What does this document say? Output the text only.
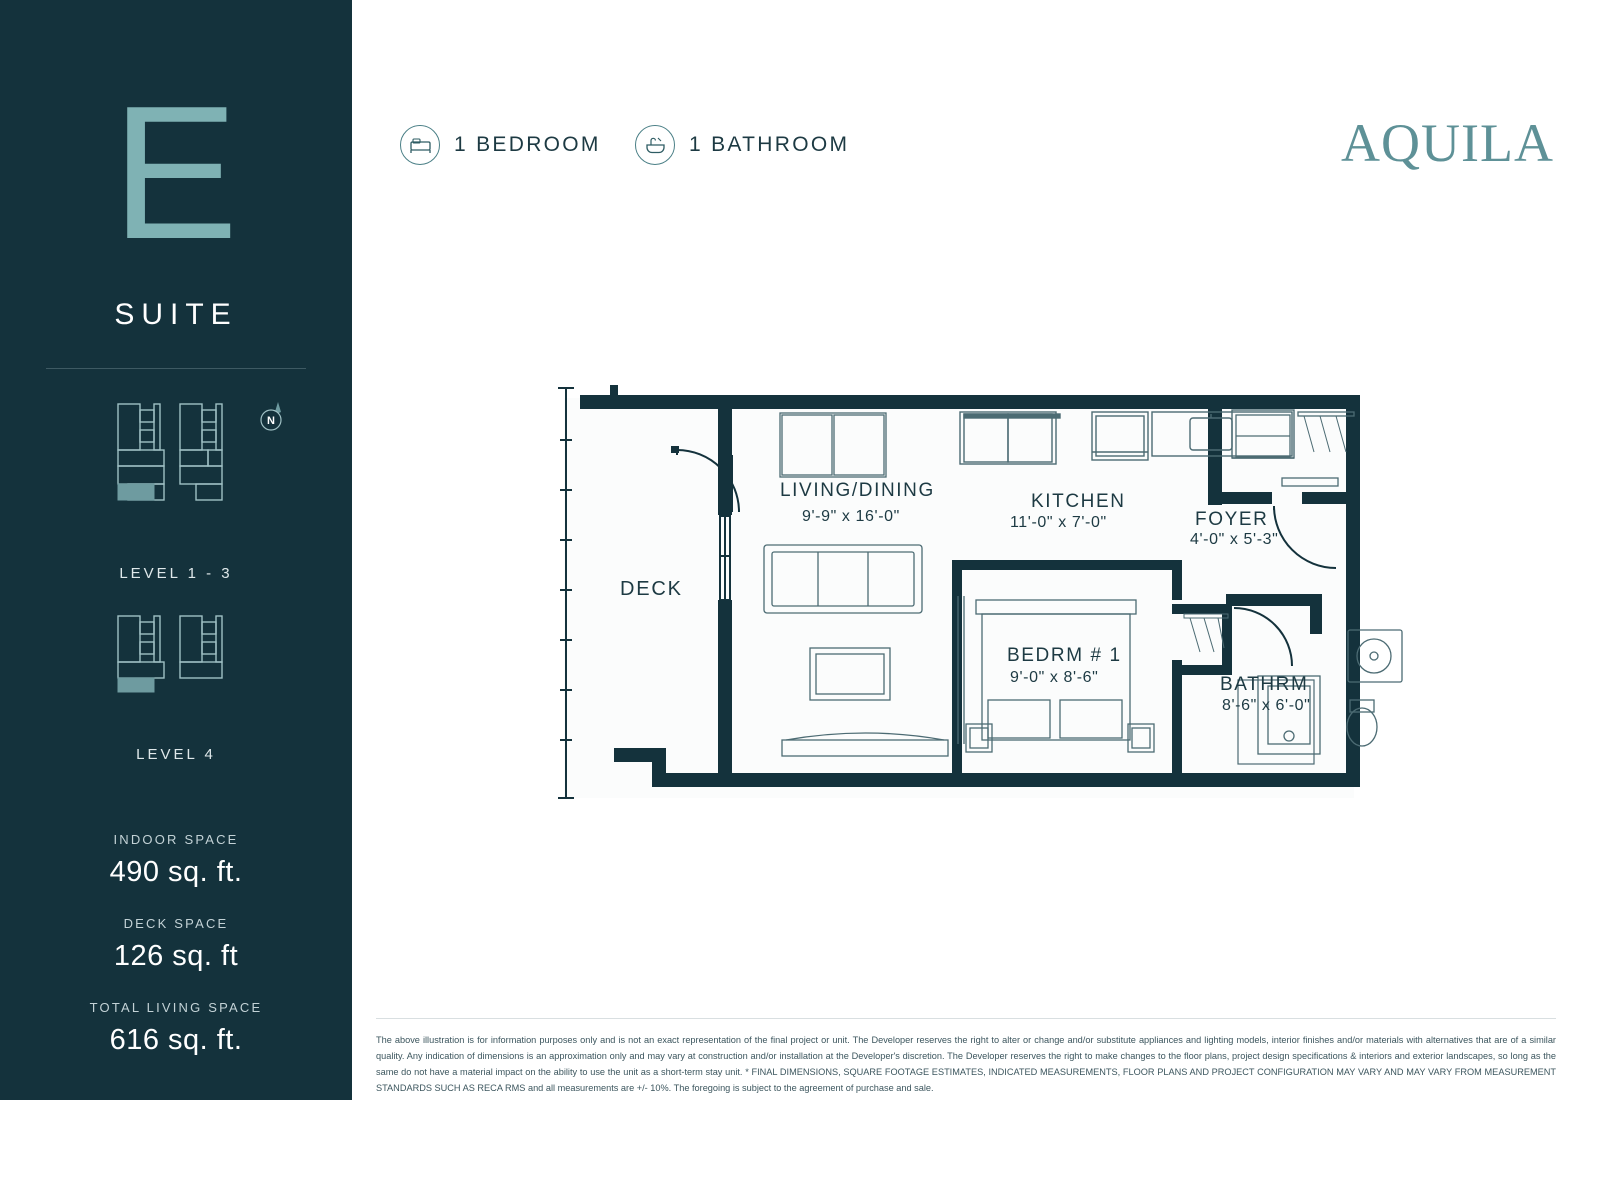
E
SUITE
LEVEL 1 - 3
N
LEVEL 4
INDOOR SPACE
490 sq. ft.
DECK SPACE
126 sq. ft
TOTAL LIVING SPACE
616 sq. ft.
1 BEDROOM	1 BATHROOM	AQUILA
DECK
LIVING/DINING
9'-9" x 16'-0"
KITCHEN
11'-0" x 7'-0"	FOYER
4'-0" x 5'-3"
BEDRM # 1
9'-0" x 8'-6"	BATHRM
8'-6" x 6'-0"
The above illustration is for information purposes only and is not an exact representation of the final project or unit. The Developer reserves the right to alter or change and/or substitute appliances and lighting models, interior finishes and/or materials with alternatives that are of a similar quality. Any indication of dimensions is an approximation only and may vary at construction and/or installation at the Developer's discretion. The Developer reserves the right to make changes to the floor plans, project design specifications & interiors and exterior landscapes, so long as the same do not have a material impact on the ability to use the unit as a short-term stay unit. * FINAL DIMENSIONS, SQUARE FOOTAGE ESTIMATES, INDICATED MEASUREMENTS, FLOOR PLANS AND PROJECT CONFIGURATION MAY VARY AND MAY VARY FROM MEASUREMENT STANDARDS SUCH AS RECA RMS and all measurements are +/- 10%. The foregoing is subject to the agreement of purchase and sale.
